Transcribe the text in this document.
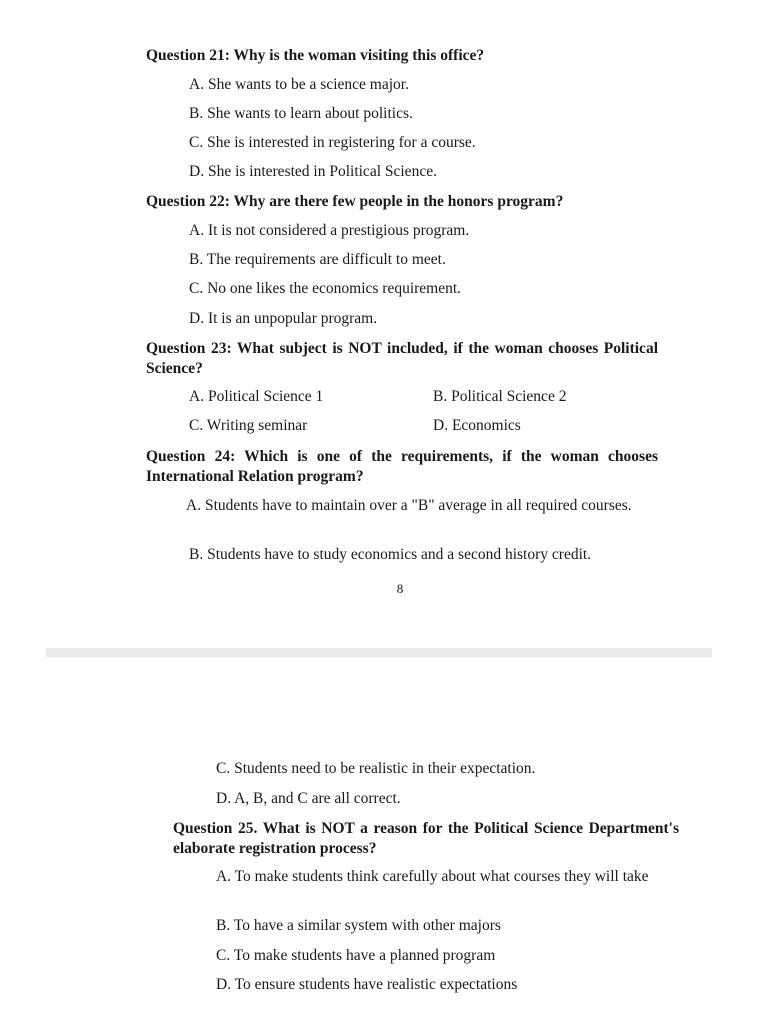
Question 21: Why is the woman visiting this office?
A. She wants to be a science major.
B. She wants to learn about politics.
C. She is interested in registering for a course.
D. She is interested in Political Science.
Question 22: Why are there few people in the honors program?
A. It is not considered a prestigious program.
B. The requirements are difficult to meet.
C. No one likes the economics requirement.
D. It is an unpopular program.
Question 23: What subject is NOT included, if the woman chooses Political Science?
A. Political Science 1	B. Political Science 2
C. Writing seminar	D. Economics
Question 24: Which is one of the requirements, if the woman chooses International Relation program?
A. Students have to maintain over a "B" average in all required courses.
B. Students have to study economics and a second history credit.
8
C. Students need to be realistic in their expectation.
D. A, B, and C are all correct.
Question 25. What is NOT a reason for the Political Science Department's elaborate registration process?
A. To make students think carefully about what courses they will take
B. To have a similar system with other majors
C. To make students have a planned program
D. To ensure students have realistic expectations
